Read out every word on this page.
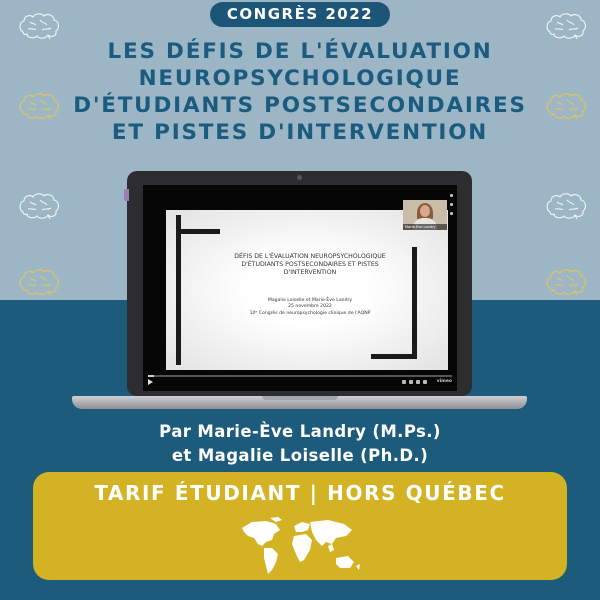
CONGRÈS 2022
LES DÉFIS DE L'ÉVALUATION
NEUROPSYCHOLOGIQUE
D'ÉTUDIANTS POSTSECONDAIRES
ET PISTES D'INTERVENTION
DÉFIS DE L'ÉVALUATION NEUROPSYCHOLOGIQUE
D'ÉTUDIANTS POSTSECONDAIRES ET PISTES
D'INTERVENTION
Magalie Loiselle et Marie-Ève Landry
25 novembre 2022
10ᵉ Congrès de neuropsychologie clinique de l'AQNP
Marie-Ève Landry
vimeo
Par Marie-Ève Landry (M.Ps.)
et Magalie Loiselle (Ph.D.)
TARIF ÉTUDIANT | HORS QUÉBEC
